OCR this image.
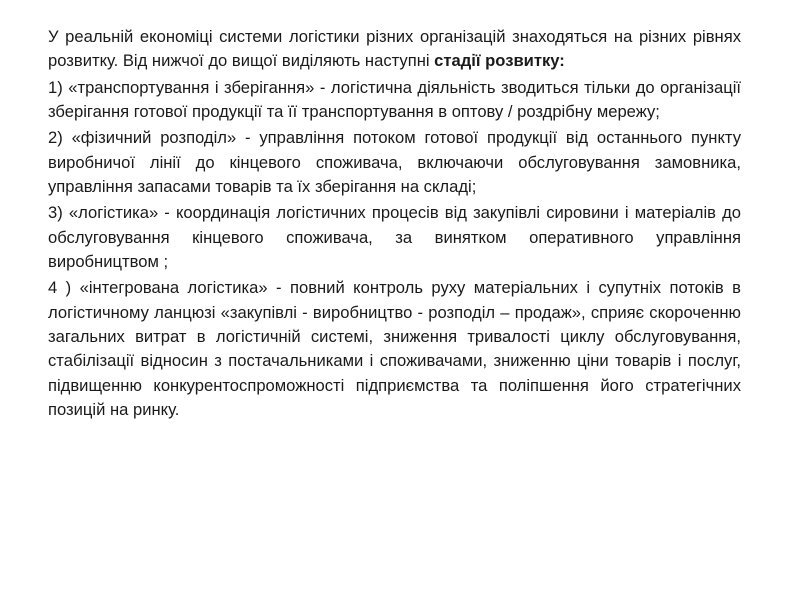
У реальній економіці системи логістики різних організацій знаходяться на різних рівнях розвитку. Від нижчої до вищої виділяють наступні стадії розвитку:

1) «транспортування і зберігання» - логістична діяльність зводиться тільки до організації зберігання готової продукції та її транспортування в оптову / роздрібну мережу;

2) «фізичний розподіл» - управління потоком готової продукції від останнього пункту виробничої лінії до кінцевого споживача, включаючи обслуговування замовника, управління запасами товарів та їх зберігання на складі;

3) «логістика» - координація логістичних процесів від закупівлі сировини і матеріалів до обслуговування кінцевого споживача, за винятком оперативного управління виробництвом ;

4 ) «інтегрована логістика» - повний контроль руху матеріальних і супутніх потоків в логістичному ланцюзі «закупівлі - виробництво - розподіл – продаж», сприяє скороченню загальних витрат в логістичній системі, зниження тривалості циклу обслуговування, стабілізації відносин з постачальниками і споживачами, зниженню ціни товарів і послуг, підвищенню конкурентоспроможності підприємства та поліпшення його стратегічних позицій на ринку.
